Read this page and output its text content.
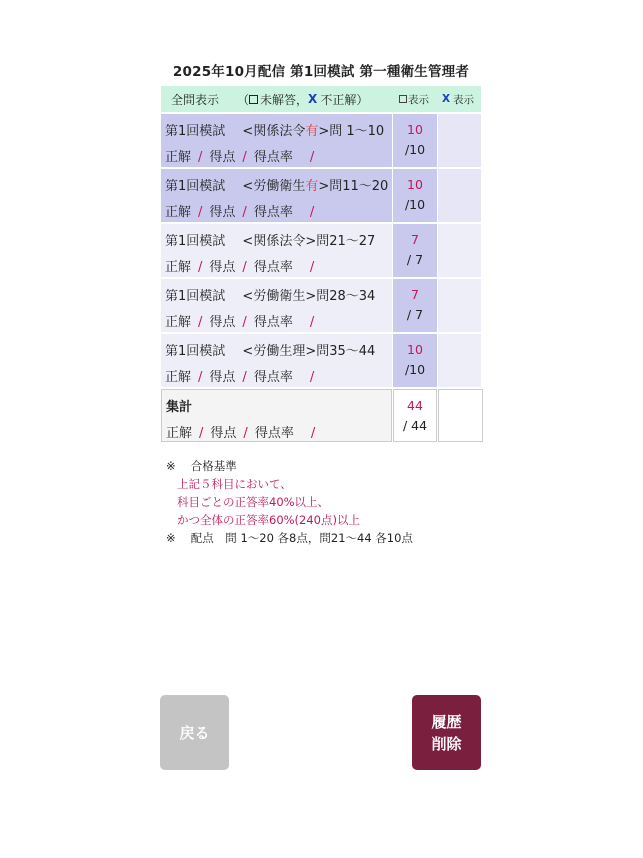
2025年10月配信 第1回模試 第一種衛生管理者
全問表示 （ 未解答， X 不正解）	表示 X 表示
第1回模試　 <関係法令有>問 1〜10
正解 / 得点 / 得点率 /
10
/10
第1回模試　 <労働衛生有>問11〜20
正解 / 得点 / 得点率 /
10
/10
第1回模試　 <関係法令>問21〜27
正解 / 得点 / 得点率 /
7
/ 7
第1回模試　 <労働衛生>問28〜34
正解 / 得点 / 得点率 /
7
/ 7
第1回模試　 <労働生理>問35〜44
正解 / 得点 / 得点率 /
10
/10
集計
正解 / 得点 / 得点率 /
44
/ 44
※　 合格基準
上記５科目において、
科目ごとの正答率40%以上、
かつ全体の正答率60%(240点)以上
※　 配点　問 1〜20 各8点，問21〜44 各10点
戻る
履歴
削除
